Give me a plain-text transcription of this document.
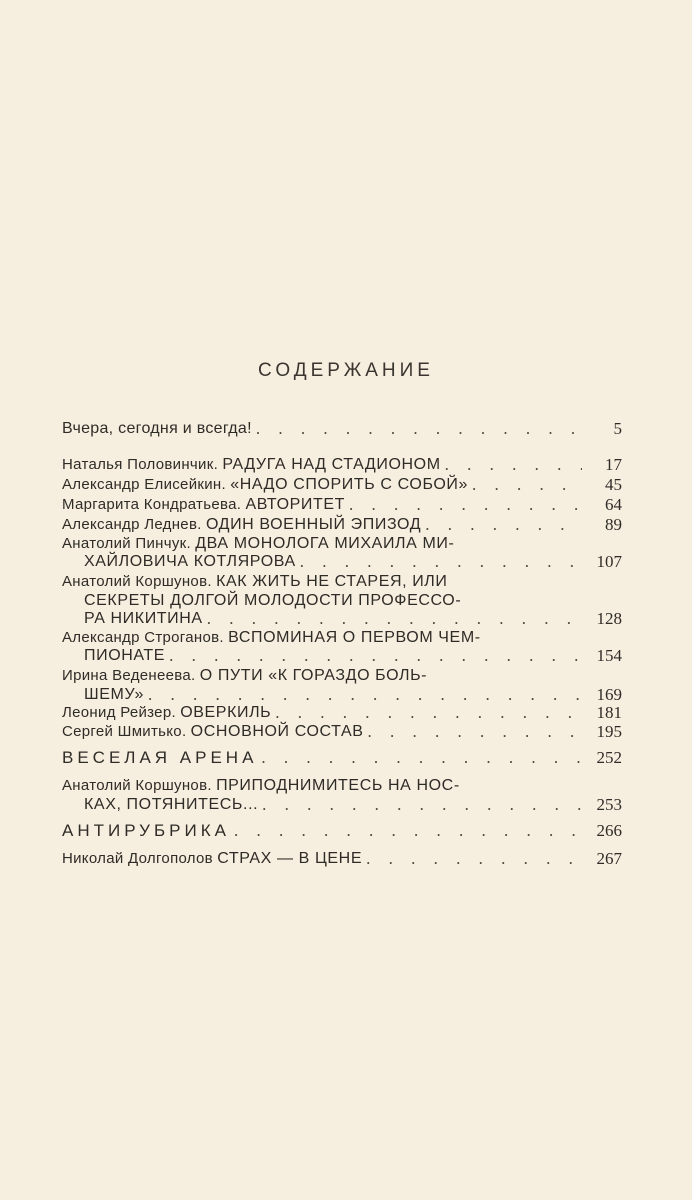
СОДЕРЖАНИЕ
Вчера, сегодня и всегда! . . .	5
Наталья Половинчик. РАДУГА НАД СТАДИОНОМ . . .	17
Александр Елисейкин. «НАДО СПОРИТЬ С СОБОЙ» . . .	45
Маргарита Кондратьева. АВТОРИТЕТ . . .	64
Александр Леднев. ОДИН ВОЕННЫЙ ЭПИЗОД . . .	89
Анатолий Пинчук. ДВА МОНОЛОГА МИХАИЛА МИ-
ХАЙЛОВИЧА КОТЛЯРОВА . . .	107
Анатолий Коршунов. КАК ЖИТЬ НЕ СТАРЕЯ, ИЛИ
СЕКРЕТЫ ДОЛГОЙ МОЛОДОСТИ ПРОФЕССО-
РА НИКИТИНА . . .	128
Александр Строганов. ВСПОМИНАЯ О ПЕРВОМ ЧЕМ-
ПИОНАТЕ . . .	154
Ирина Веденеева. О ПУТИ «К ГОРАЗДО БОЛЬ-
ШЕМУ» . . .	169
Леонид Рейзер. ОВЕРКИЛЬ . . .	181
Сергей Шмитько. ОСНОВНОЙ СОСТАВ . . .	195
ВЕСЕЛАЯ АРЕНА . . .	252
Анатолий Коршунов. ПРИПОДНИМИТЕСЬ НА НОС-
КАХ, ПОТЯНИТЕСЬ... . . .	253
АНТИРУБРИКА . . .	266
Николай Долгополов СТРАХ — В ЦЕНЕ . . .	267
